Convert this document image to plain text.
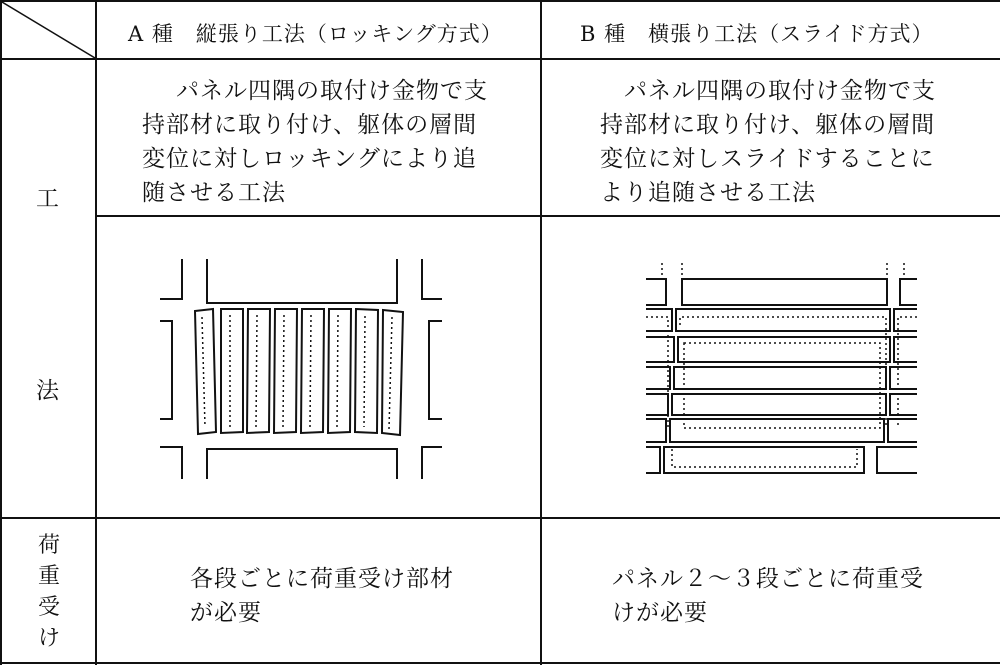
A 種　縦張り工法（ロッキング方式）	B 種　横張り工法（スライド方式）
工
法
荷
重
受
け
パネル四隅の取付け金物で支
持部材に取り付け、躯体の層間
変位に対しロッキングにより追
随させる工法
パネル四隅の取付け金物で支
持部材に取り付け、躯体の層間
変位に対しスライドすることに
より追随させる工法
各段ごとに荷重受け部材
が必要
パネル２～３段ごとに荷重受
けが必要
